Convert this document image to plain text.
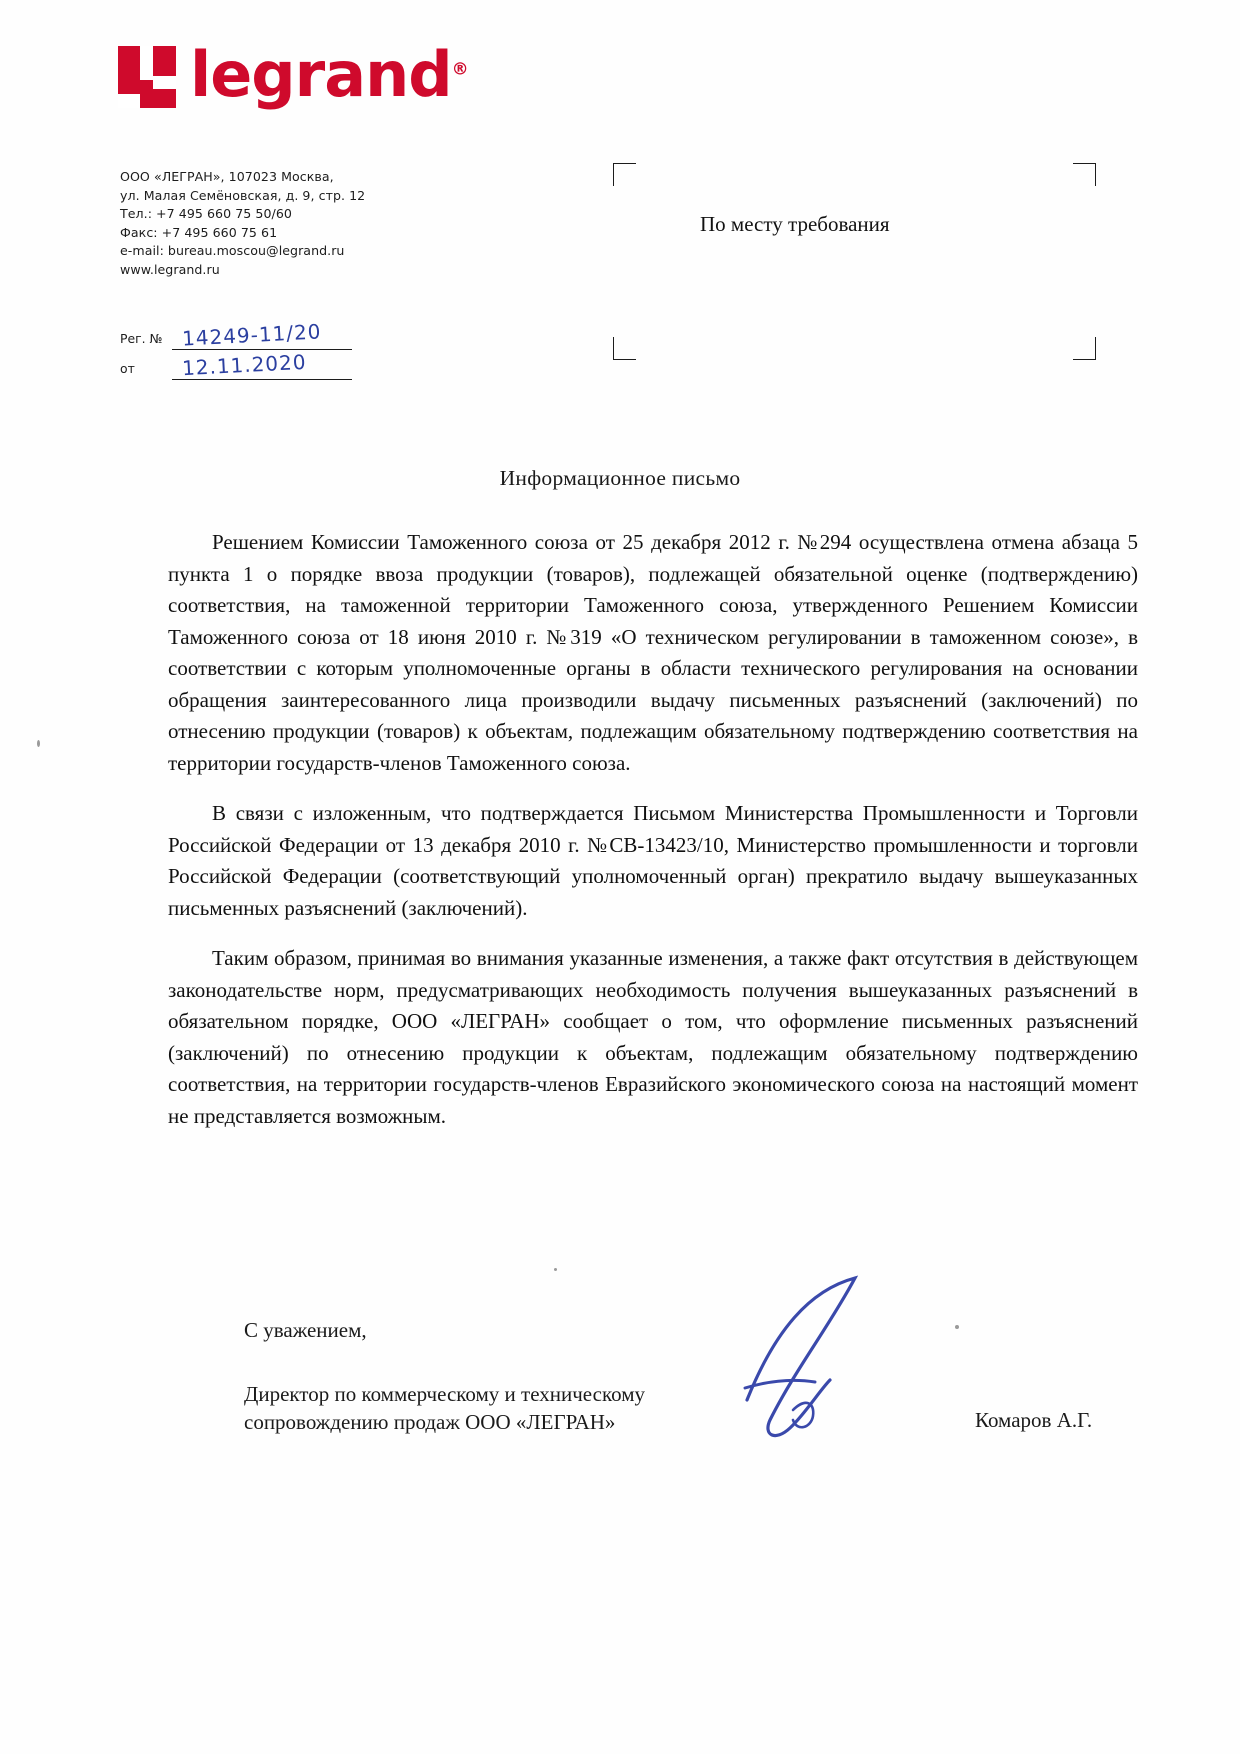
legrand®
ООО «ЛЕГРАН», 107023 Москва,
ул. Малая Семёновская, д. 9, стр. 12
Тел.: +7 495 660 75 50/60
Факс: +7 495 660 75 61
e-mail: bureau.moscou@legrand.ru
www.legrand.ru
Рег. № 14249-11/20
от	12.11.2020
По месту требования
Информационное письмо

Решением Комиссии Таможенного союза от 25 декабря 2012 г. №294 осуществлена отмена абзаца 5 пункта 1 о порядке ввоза продукции (товаров), подлежащей обязательной оценке (подтверждению) соответствия, на таможенной территории Таможенного союза, утвержденного Решением Комиссии Таможенного союза от 18 июня 2010 г. №319 «О техническом регулировании в таможенном союзе», в соответствии с которым уполномоченные органы в области технического регулирования на основании обращения заинтересованного лица производили выдачу письменных разъяснений (заключений) по отнесению продукции (товаров) к объектам, подлежащим обязательному подтверждению соответствия на территории государств-членов Таможенного союза.

В связи с изложенным, что подтверждается Письмом Министерства Промышленности и Торговли Российской Федерации от 13 декабря 2010 г. №СВ-13423/10, Министерство промышленности и торговли Российской Федерации (соответствующий уполномоченный орган) прекратило выдачу вышеуказанных письменных разъяснений (заключений).

Таким образом, принимая во внимания указанные изменения, а также факт отсутствия в действующем законодательстве норм, предусматривающих необходимость получения вышеуказанных разъяснений в обязательном порядке, ООО «ЛЕГРАН» сообщает о том, что оформление письменных разъяснений (заключений) по отнесению продукции к объектам, подлежащим обязательному подтверждению соответствия, на территории государств-членов Евразийского экономического союза на настоящий момент не представляется возможным.

С уважением,
Директор по коммерческому и техническому сопровождению продаж ООО «ЛЕГРАН»	Комаров А.Г.
